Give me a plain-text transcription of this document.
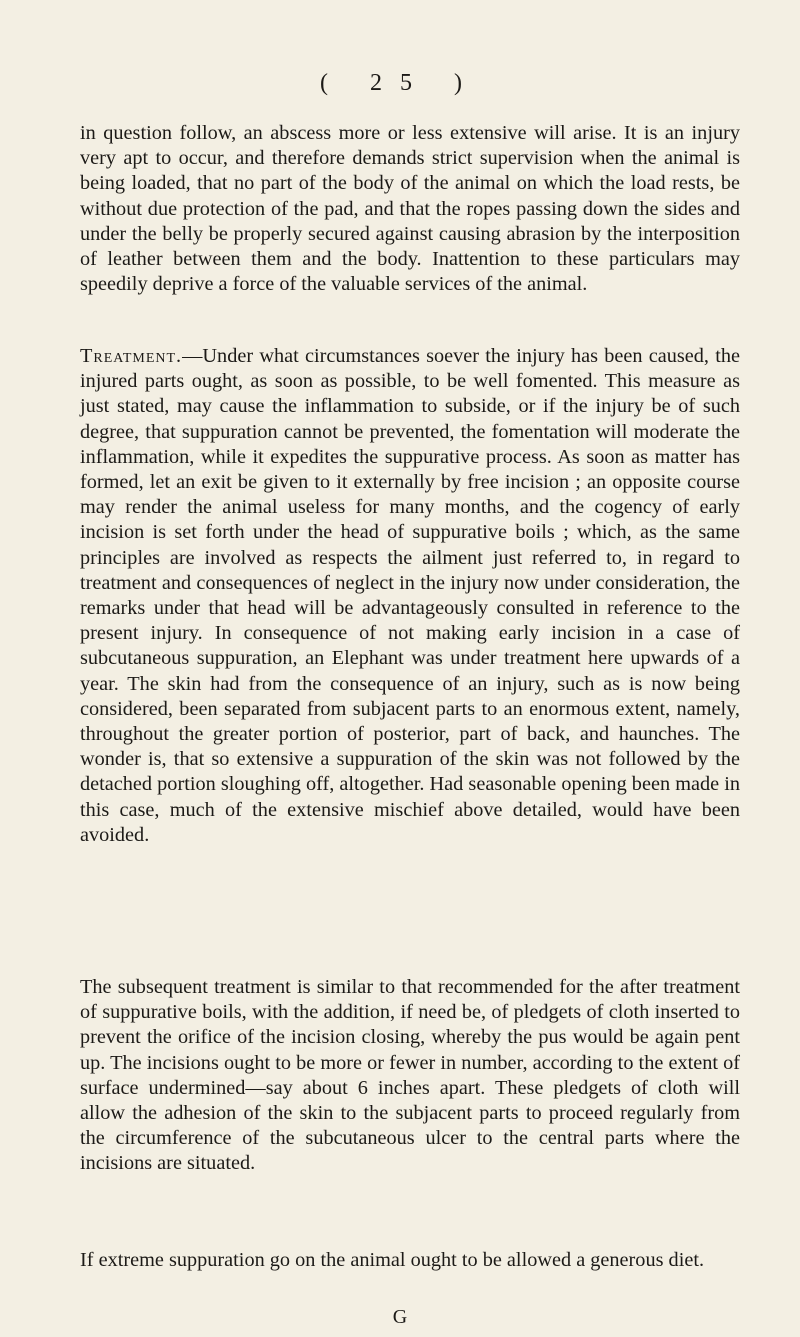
( 25 )

in question follow, an abscess more or less extensive will arise. It is an injury very apt to occur, and therefore demands strict supervision when the animal is being loaded, that no part of the body of the animal on which the load rests, be without due protection of the pad, and that the ropes passing down the sides and under the belly be properly secured against causing abrasion by the interposition of leather between them and the body. Inattention to these particulars may speedily deprive a force of the valuable services of the animal.

Treatment.—Under what circumstances soever the injury has been caused, the injured parts ought, as soon as possible, to be well fomented. This measure as just stated, may cause the inflammation to subside, or if the injury be of such degree, that suppuration cannot be prevented, the fomentation will moderate the inflammation, while it expedites the suppurative process. As soon as matter has formed, let an exit be given to it externally by free incision ; an opposite course may render the animal useless for many months, and the cogency of early incision is set forth under the head of suppurative boils ; which, as the same principles are involved as respects the ailment just referred to, in regard to treatment and consequences of neglect in the injury now under consideration, the remarks under that head will be advantageously consulted in reference to the present injury. In consequence of not making early incision in a case of subcutaneous suppuration, an Elephant was under treatment here upwards of a year. The skin had from the consequence of an injury, such as is now being considered, been separated from subjacent parts to an enormous extent, namely, throughout the greater portion of posterior, part of back, and haunches. The wonder is, that so extensive a suppuration of the skin was not followed by the detached portion sloughing off, altogether. Had seasonable opening been made in this case, much of the extensive mischief above detailed, would have been avoided.

The subsequent treatment is similar to that recommended for the after treatment of suppurative boils, with the addition, if need be, of pledgets of cloth inserted to prevent the orifice of the incision closing, whereby the pus would be again pent up. The incisions ought to be more or fewer in number, according to the extent of surface undermined—say about 6 inches apart. These pledgets of cloth will allow the adhesion of the skin to the subjacent parts to proceed regularly from the circumference of the subcutaneous ulcer to the central parts where the incisions are situated.

If extreme suppuration go on the animal ought to be allowed a generous diet.

G
